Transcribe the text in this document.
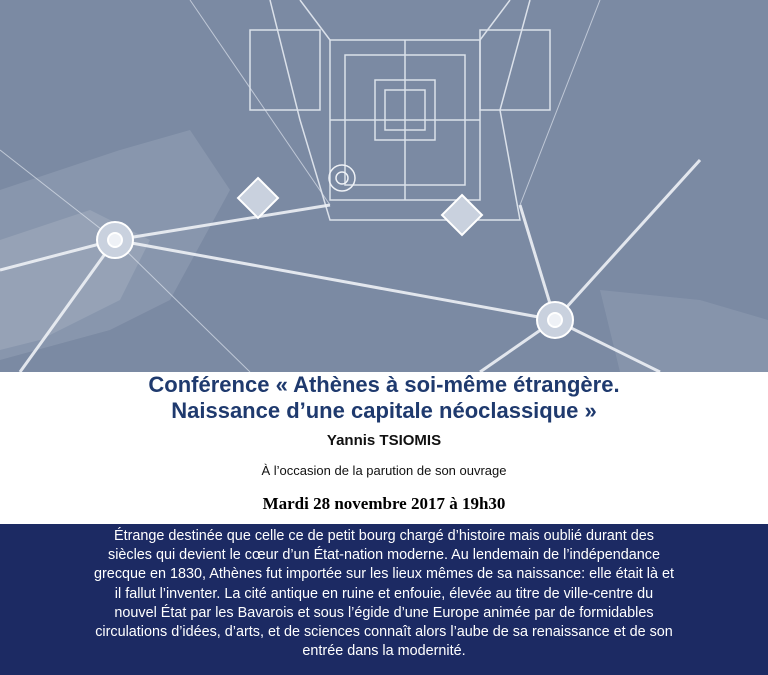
Conférence « Athènes à soi-même étrangère.
Naissance d’une capitale néoclassique »
Yannis TSIOMIS
À l’occasion de la parution de son ouvrage
Mardi 28 novembre 2017 à 19h30
Étrange destinée que celle ce de petit bourg chargé d’histoire mais oublié durant des
siècles qui devient le cœur d’un État-nation moderne. Au lendemain de l’indépendance
grecque en 1830, Athènes fut importée sur les lieux mêmes de sa naissance: elle était là et
il fallut l’inventer. La cité antique en ruine et enfouie, élevée au titre de ville-centre du
nouvel État par les Bavarois et sous l’égide d’une Europe animée par de formidables
circulations d’idées, d’arts, et de sciences connaît alors l’aube de sa renaissance et de son
entrée dans la modernité.
